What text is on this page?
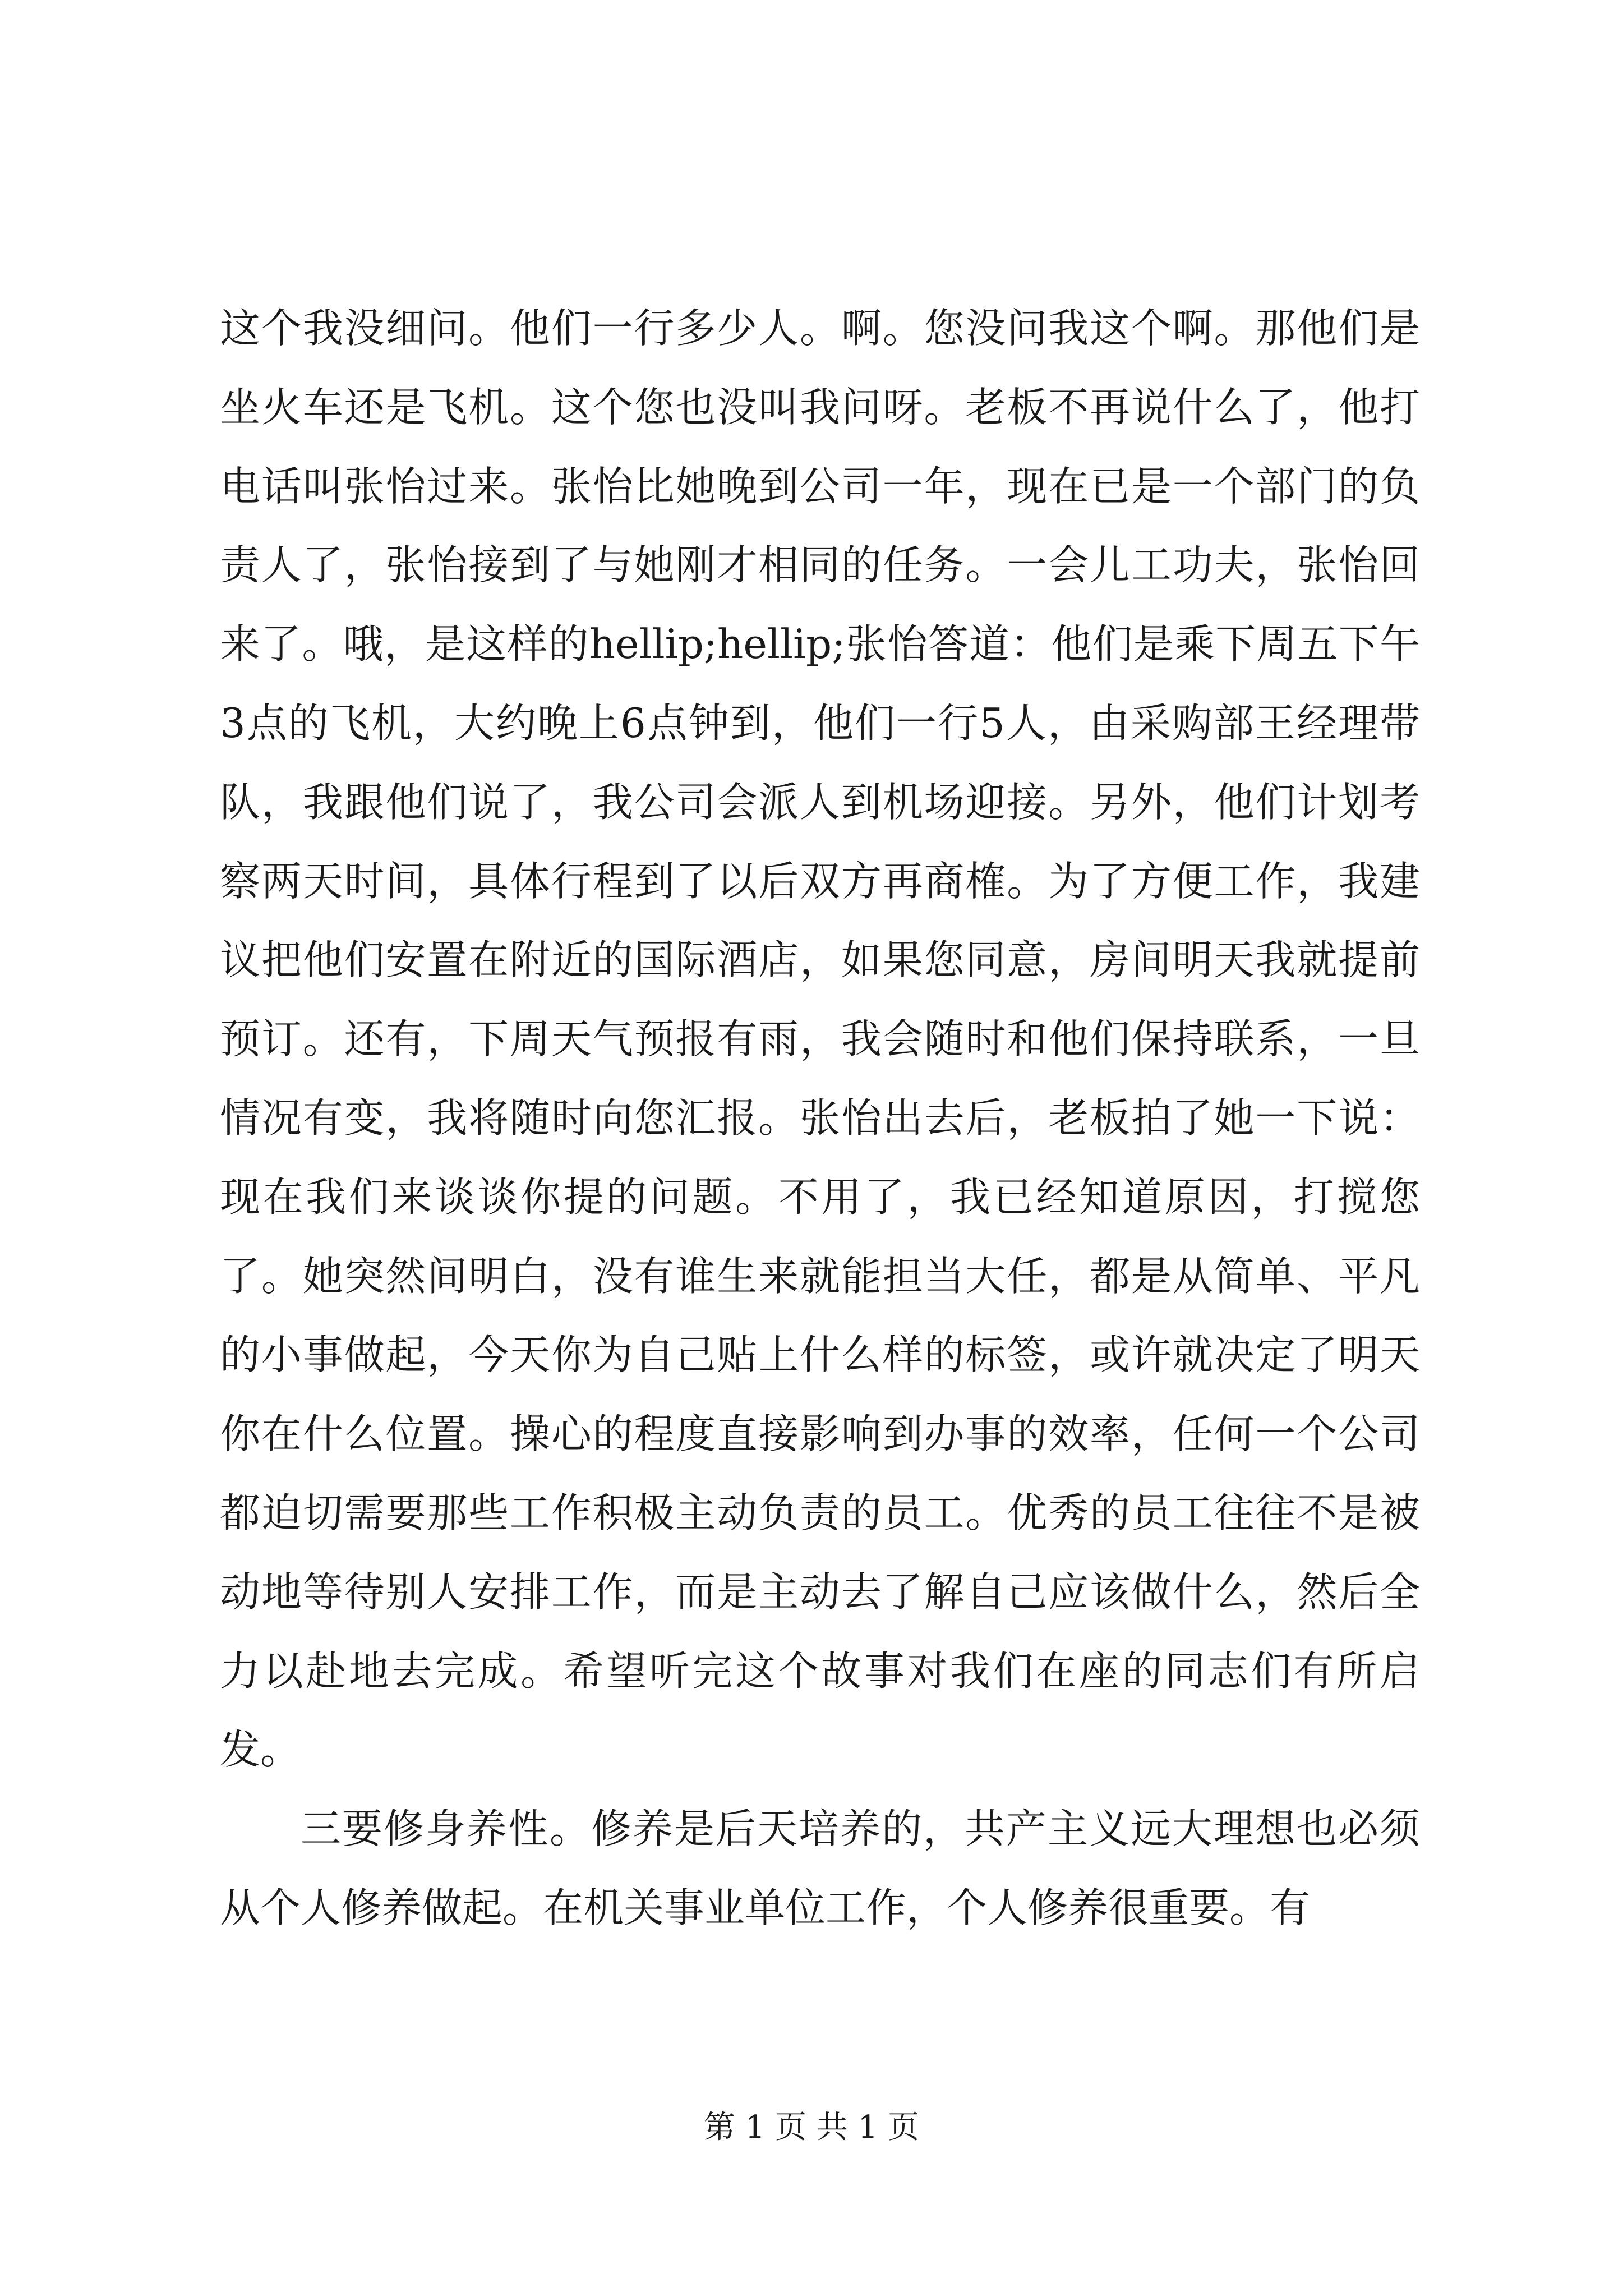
这个我没细问。他们一行多少人。啊。您没问我这个啊。那他们是坐火车还是飞机。这个您也没叫我问呀。老板不再说什么了，他打电话叫张怡过来。张怡比她晚到公司一年，现在已是一个部门的负责人了，张怡接到了与她刚才相同的任务。一会儿工功夫，张怡回来了。哦，是这样的hellip;hellip;张怡答道：他们是乘下周五下午3点的飞机，大约晚上6点钟到，他们一行5人，由采购部王经理带队，我跟他们说了，我公司会派人到机场迎接。另外，他们计划考察两天时间，具体行程到了以后双方再商榷。为了方便工作，我建议把他们安置在附近的国际酒店，如果您同意，房间明天我就提前预订。还有，下周天气预报有雨，我会随时和他们保持联系，一旦情况有变，我将随时向您汇报。张怡出去后，老板拍了她一下说：现在我们来谈谈你提的问题。不用了，我已经知道原因，打搅您了。她突然间明白，没有谁生来就能担当大任，都是从简单、平凡的小事做起，今天你为自己贴上什么样的标签，或许就决定了明天你在什么位置。操心的程度直接影响到办事的效率，任何一个公司都迫切需要那些工作积极主动负责的员工。优秀的员工往往不是被动地等待别人安排工作，而是主动去了解自己应该做什么，然后全力以赴地去完成。希望听完这个故事对我们在座的同志们有所启发。

三要修身养性。修养是后天培养的，共产主义远大理想也必须从个人修养做起。在机关事业单位工作，个人修养很重要。有

第 1 页 共 1 页
